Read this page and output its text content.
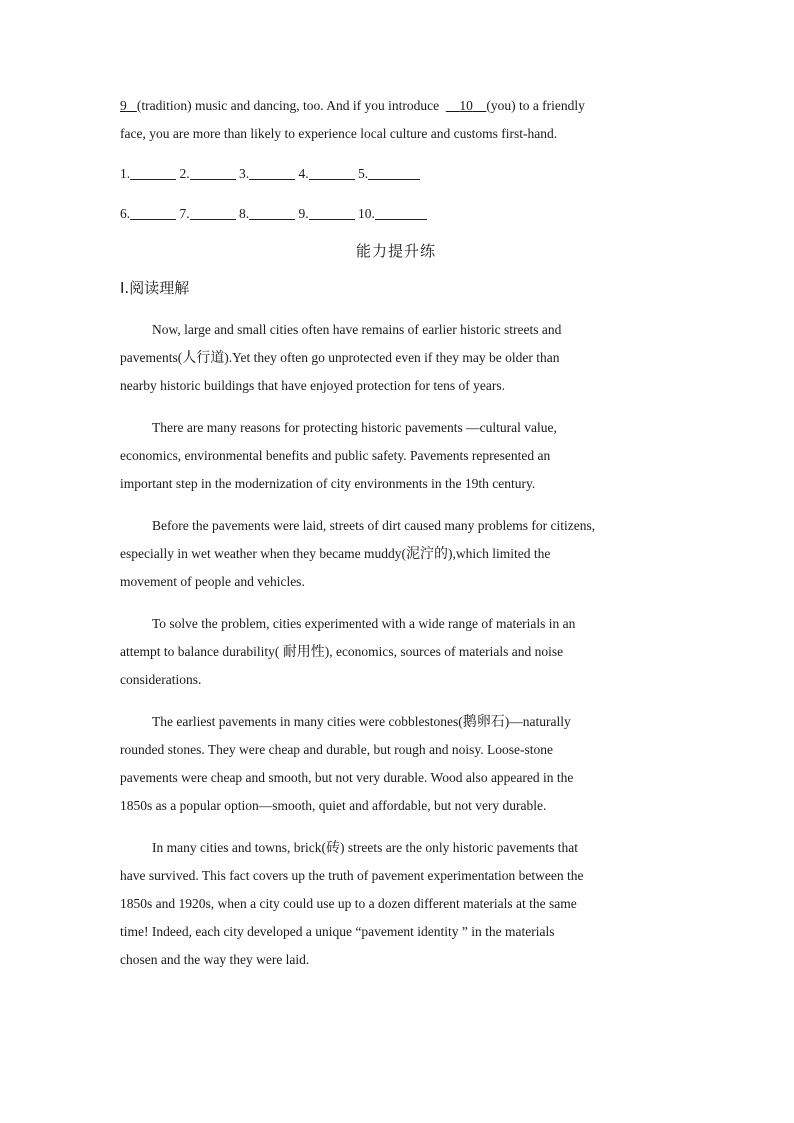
9 (tradition) music and dancing, too. And if you introduce 10 (you) to a friendly
face, you are more than likely to experience local culture and customs first-hand.
1.	2.	3.	4.	5.
6.	7.	8.	9.	10.
能力提升练
Ⅰ.阅读理解

Now, large and small cities often have remains of earlier historic streets and

pavements(人行道).Yet they often go unprotected even if they may be older than

nearby historic buildings that have enjoyed protection for tens of years.

There are many reasons for protecting historic pavements —cultural value,

economics, environmental benefits and public safety. Pavements represented an

important step in the modernization of city environments in the 19th century.

Before the pavements were laid, streets of dirt caused many problems for citizens,

especially in wet weather when they became muddy(泥泞的),which limited the

movement of people and vehicles.

To solve the problem, cities experimented with a wide range of materials in an

attempt to balance durability( 耐用性), economics, sources of materials and noise

considerations.

The earliest pavements in many cities were cobblestones(鹅卵石)—naturally

rounded stones. They were cheap and durable, but rough and noisy. Loose-stone

pavements were cheap and smooth, but not very durable. Wood also appeared in the

1850s as a popular option—smooth, quiet and affordable, but not very durable.

In many cities and towns, brick(砖) streets are the only historic pavements that

have survived. This fact covers up the truth of pavement experimentation between the

1850s and 1920s, when a city could use up to a dozen different materials at the same

time! Indeed, each city developed a unique “pavement identity ” in the materials

chosen and the way they were laid.
